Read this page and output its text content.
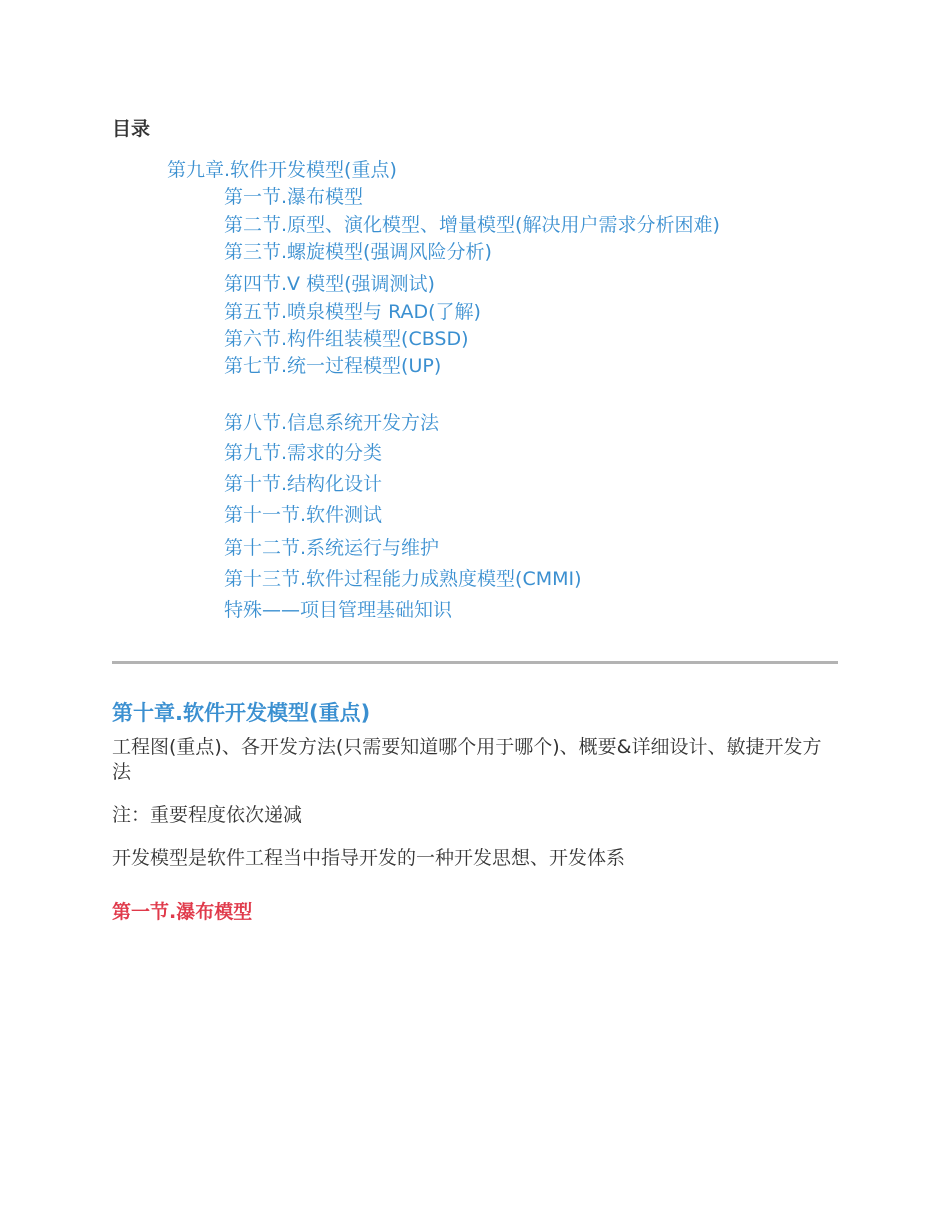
目录
第九章.软件开发模型(重点)
第一节.瀑布模型
第二节.原型、演化模型、增量模型(解决用户需求分析困难)
第三节.螺旋模型(强调风险分析)
第四节.V 模型(强调测试)
第五节.喷泉模型与 RAD(了解)第六节.构件组装模型(CBSD)第七节.统一过程模型(UP)
第八节.信息系统开发方法
第九节.需求的分类
第十节.结构化设计
第十一节.软件测试
第十二节.系统运行与维护
第十三节.软件过程能力成熟度模型(CMMI)
特殊——项目管理基础知识
第十章.软件开发模型(重点)

工程图(重点)、各开发方法(只需要知道哪个用于哪个)、概要&详细设计、敏捷开发方法

注：重要程度依次递减

开发模型是软件工程当中指导开发的一种开发思想、开发体系

第一节.瀑布模型
